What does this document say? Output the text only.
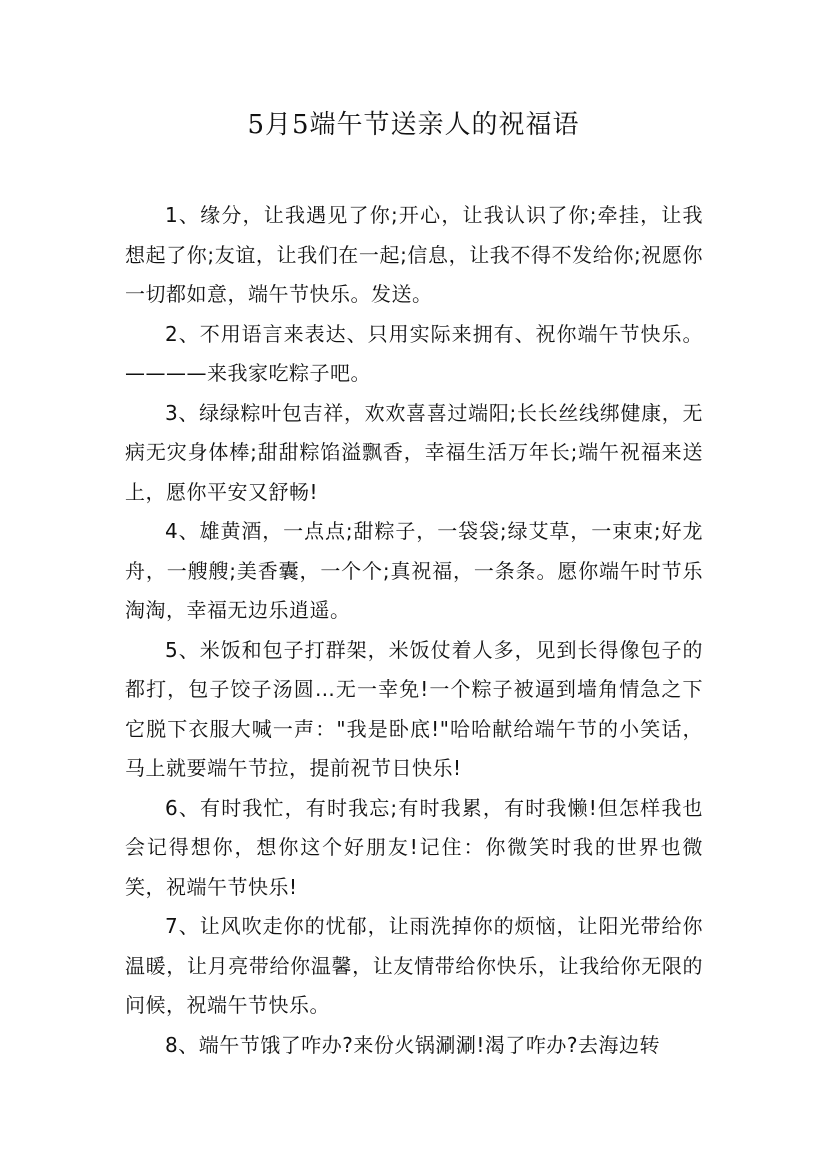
5月5端午节送亲人的祝福语

1、缘分，让我遇见了你;开心，让我认识了你;牵挂，让我想起了你;友谊，让我们在一起;信息，让我不得不发给你;祝愿你一切都如意，端午节快乐。发送。

2、不用语言来表达、只用实际来拥有、祝你端午节快乐。————来我家吃粽子吧。

3、绿绿粽叶包吉祥，欢欢喜喜过端阳;长长丝线绑健康，无病无灾身体棒;甜甜粽馅溢飘香，幸福生活万年长;端午祝福来送上，愿你平安又舒畅!

4、雄黄酒，一点点;甜粽子，一袋袋;绿艾草，一束束;好龙舟，一艘艘;美香囊，一个个;真祝福，一条条。愿你端午时节乐淘淘，幸福无边乐逍遥。

5、米饭和包子打群架，米饭仗着人多，见到长得像包子的都打，包子饺子汤圆…无一幸免!一个粽子被逼到墙角情急之下它脱下衣服大喊一声："我是卧底!"哈哈献给端午节的小笑话，马上就要端午节拉，提前祝节日快乐!

6、有时我忙，有时我忘;有时我累，有时我懒!但怎样我也会记得想你，想你这个好朋友!记住：你微笑时我的世界也微笑，祝端午节快乐!

7、让风吹走你的忧郁，让雨洗掉你的烦恼，让阳光带给你温暖，让月亮带给你温馨，让友情带给你快乐，让我给你无限的问候，祝端午节快乐。

8、端午节饿了咋办?来份火锅涮涮!渴了咋办?去海边转
